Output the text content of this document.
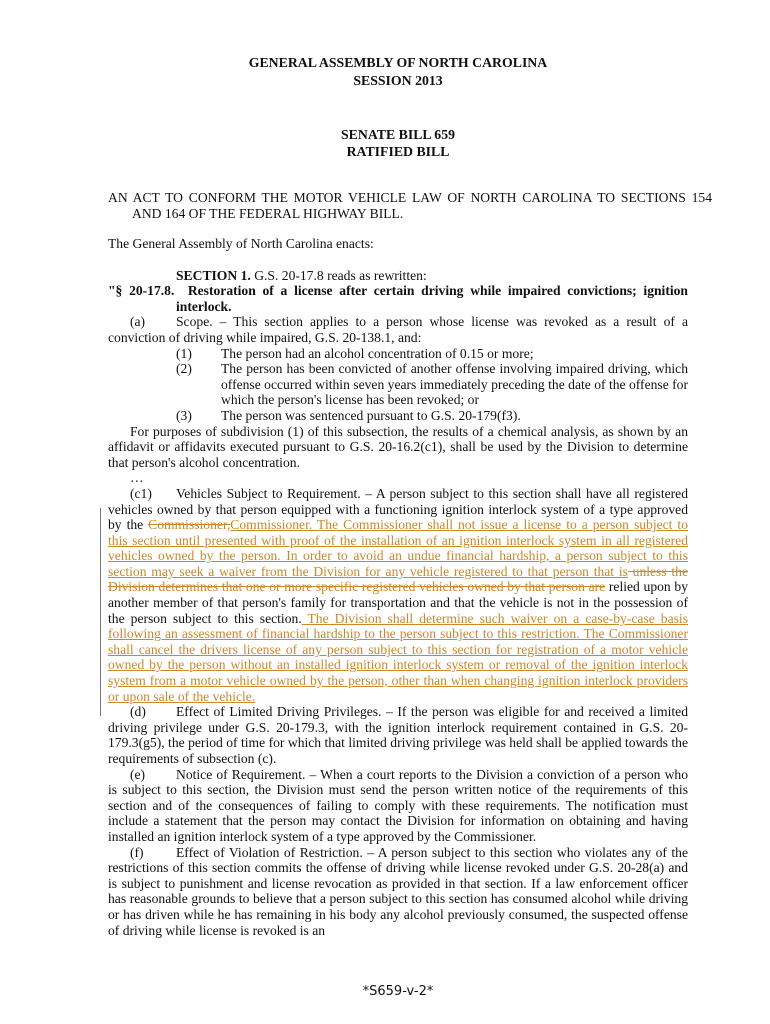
GENERAL ASSEMBLY OF NORTH CAROLINA
SESSION 2013
SENATE BILL 659
RATIFIED BILL
AN ACT TO CONFORM THE MOTOR VEHICLE LAW OF NORTH CAROLINA TO SECTIONS 154 AND 164 OF THE FEDERAL HIGHWAY BILL.

The General Assembly of North Carolina enacts:

SECTION 1. G.S. 20-17.8 reads as rewritten:

"§ 20-17.8.  Restoration of a license after certain driving while impaired convictions; ignition interlock.

(a) Scope. – This section applies to a person whose license was revoked as a result of a conviction of driving while impaired, G.S. 20-138.1, and:

(1) The person had an alcohol concentration of 0.15 or more;

(2) The person has been convicted of another offense involving impaired driving, which offense occurred within seven years immediately preceding the date of the offense for which the person's license has been revoked; or

(3) The person was sentenced pursuant to G.S. 20-179(f3).

For purposes of subdivision (1) of this subsection, the results of a chemical analysis, as shown by an affidavit or affidavits executed pursuant to G.S. 20-16.2(c1), shall be used by the Division to determine that person's alcohol concentration.

…

(c1) Vehicles Subject to Requirement. – A person subject to this section shall have all registered vehicles owned by that person equipped with a functioning ignition interlock system of a type approved by the Commissioner,Commissioner. The Commissioner shall not issue a license to a person subject to this section until presented with proof of the installation of an ignition interlock system in all registered vehicles owned by the person. In order to avoid an undue financial hardship, a person subject to this section may seek a waiver from the Division for any vehicle registered to that person that is unless the Division determines that one or more specific registered vehicles owned by that person are relied upon by another member of that person's family for transportation and that the vehicle is not in the possession of the person subject to this section. The Division shall determine such waiver on a case-by-case basis following an assessment of financial hardship to the person subject to this restriction. The Commissioner shall cancel the drivers license of any person subject to this section for registration of a motor vehicle owned by the person without an installed ignition interlock system or removal of the ignition interlock system from a motor vehicle owned by the person, other than when changing ignition interlock providers or upon sale of the vehicle.

(d) Effect of Limited Driving Privileges. – If the person was eligible for and received a limited driving privilege under G.S. 20-179.3, with the ignition interlock requirement contained in G.S. 20-179.3(g5), the period of time for which that limited driving privilege was held shall be applied towards the requirements of subsection (c).

(e) Notice of Requirement. – When a court reports to the Division a conviction of a person who is subject to this section, the Division must send the person written notice of the requirements of this section and of the consequences of failing to comply with these requirements. The notification must include a statement that the person may contact the Division for information on obtaining and having installed an ignition interlock system of a type approved by the Commissioner.

(f) Effect of Violation of Restriction. – A person subject to this section who violates any of the restrictions of this section commits the offense of driving while license revoked under G.S. 20-28(a) and is subject to punishment and license revocation as provided in that section. If a law enforcement officer has reasonable grounds to believe that a person subject to this section has consumed alcohol while driving or has driven while he has remaining in his body any alcohol previously consumed, the suspected offense of driving while license is revoked is an

*S659-v-2*
